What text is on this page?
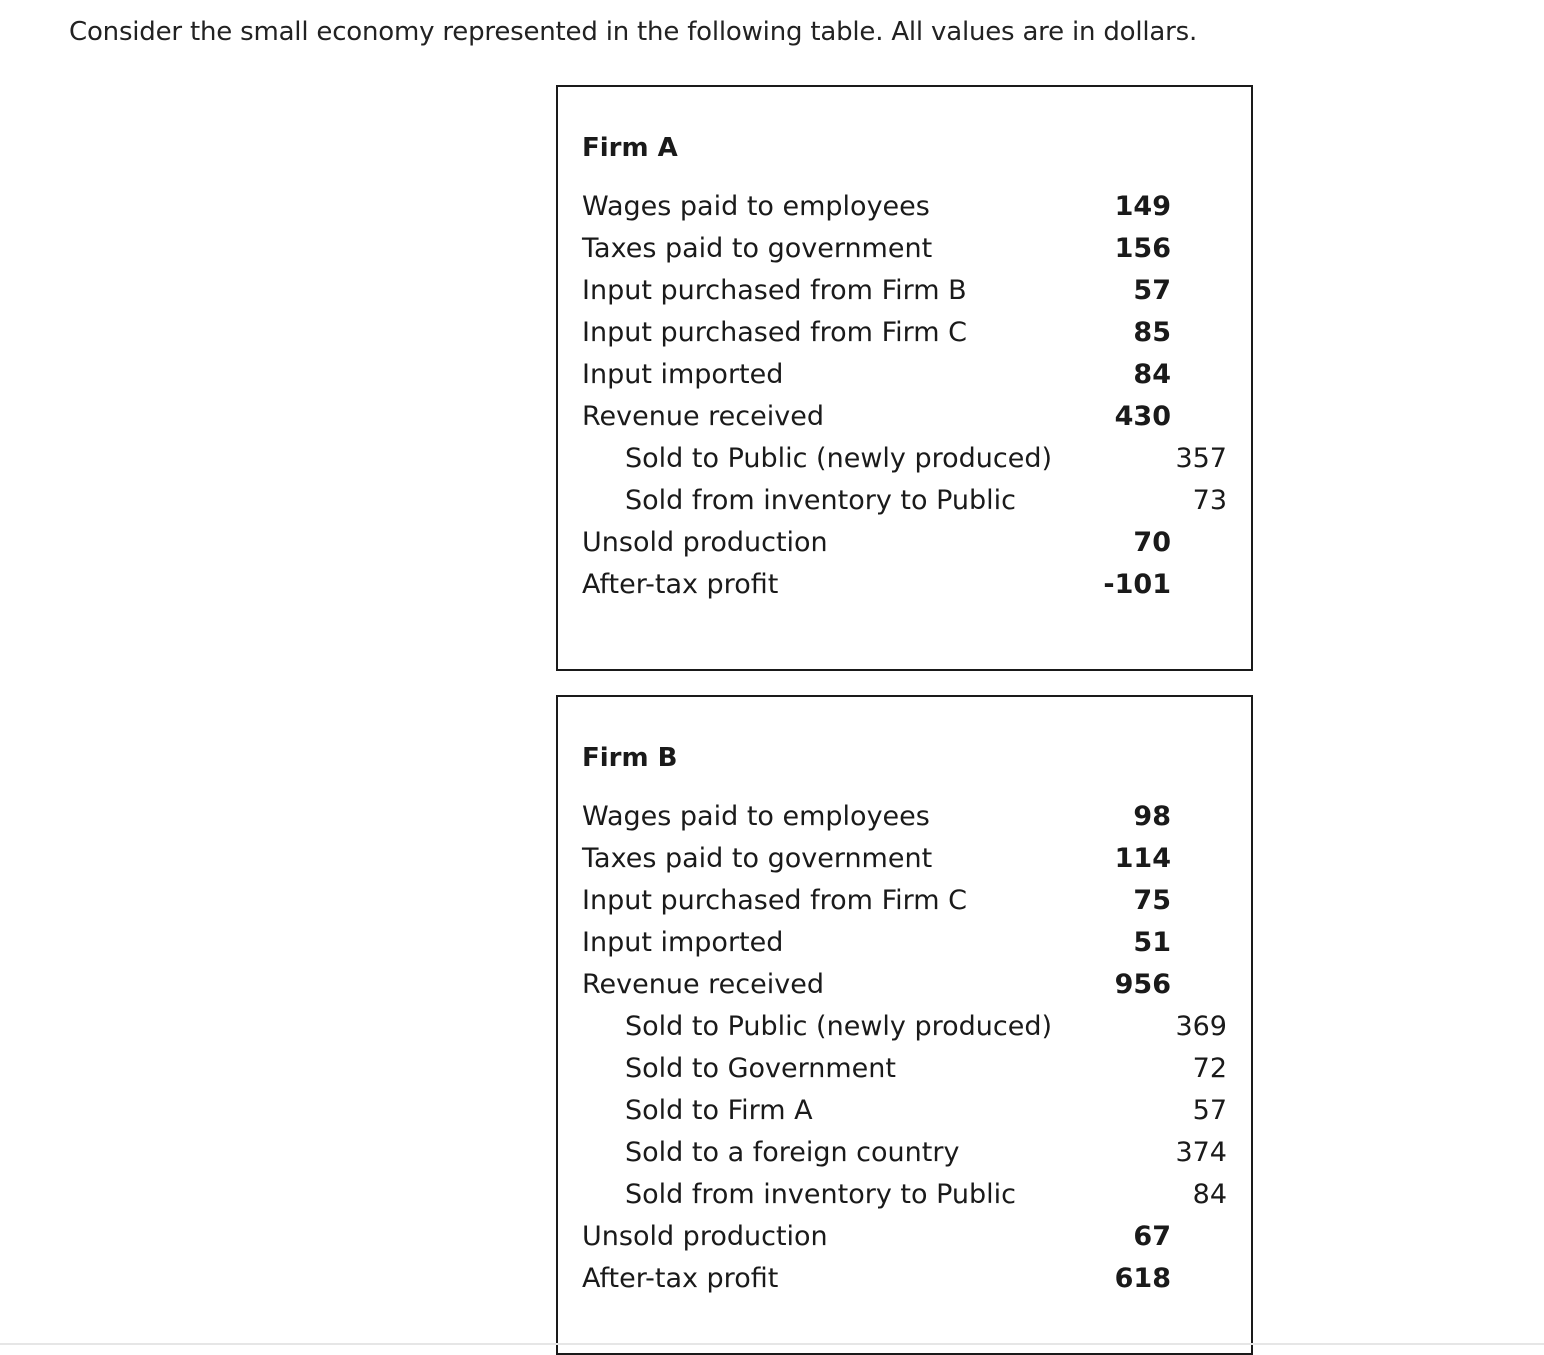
Consider the small economy represented in the following table. All values are in dollars.
Firm A
Wages paid to employees	149
Taxes paid to government	156
Input purchased from Firm B	57
Input purchased from Firm C	85
Input imported	84
Revenue received	430
Sold to Public (newly produced)	357
Sold from inventory to Public	73
Unsold production	70
After-tax profit	-101
Firm B
Wages paid to employees	98
Taxes paid to government	114
Input purchased from Firm C	75
Input imported	51
Revenue received	956
Sold to Public (newly produced)	369
Sold to Government	72
Sold to Firm A	57
Sold to a foreign country	374
Sold from inventory to Public	84
Unsold production	67
After-tax profit	618
